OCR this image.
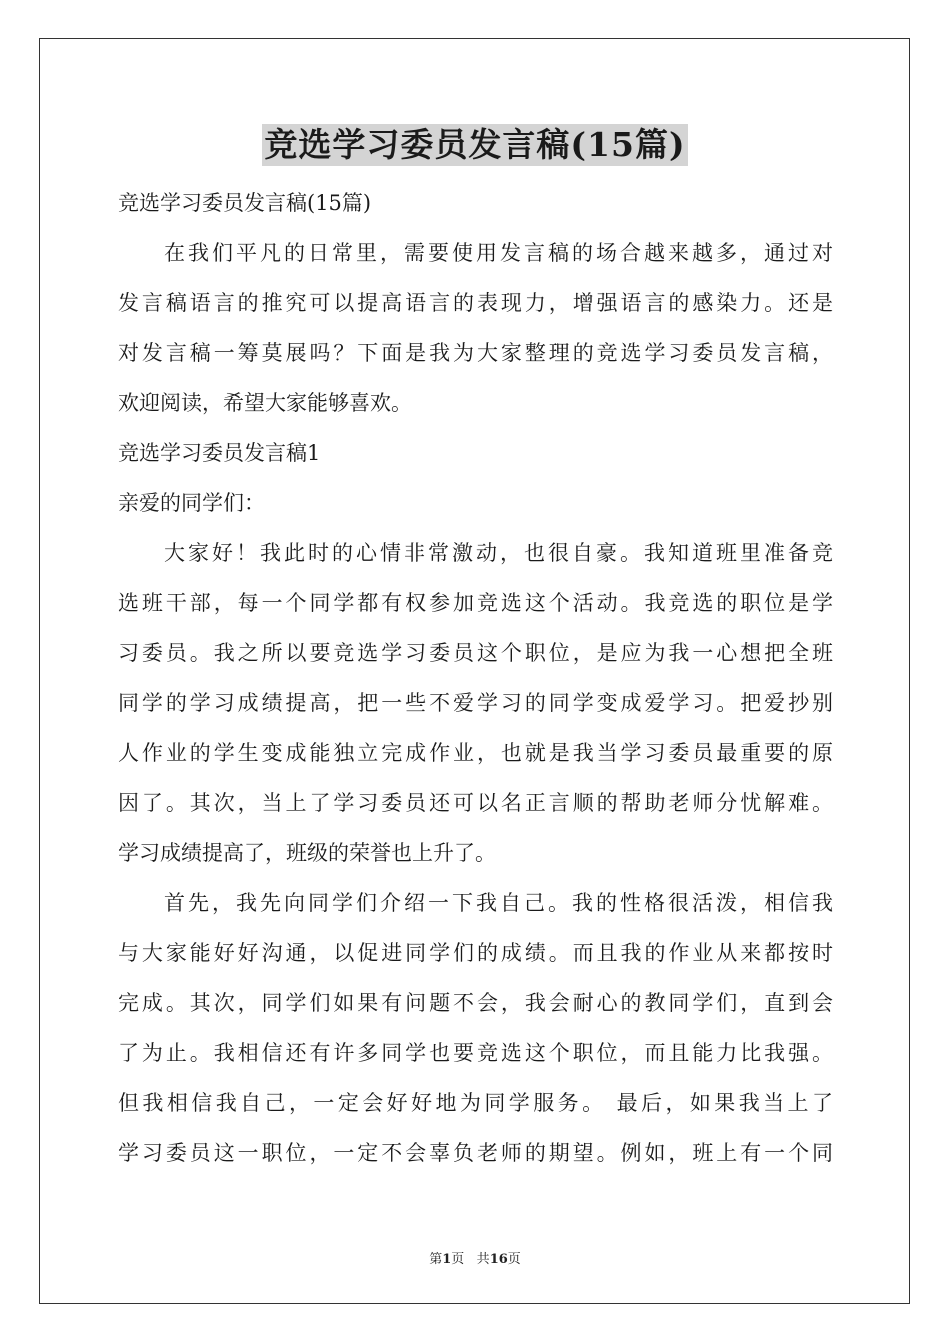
竞选学习委员发言稿(15篇)
竞选学习委员发言稿(15篇)
在我们平凡的日常里，需要使用发言稿的场合越来越多，通过对
发言稿语言的推究可以提高语言的表现力，增强语言的感染力。还是
对发言稿一筹莫展吗？下面是我为大家整理的竞选学习委员发言稿，
欢迎阅读，希望大家能够喜欢。
竞选学习委员发言稿1
亲爱的同学们：
大家好！我此时的心情非常激动，也很自豪。我知道班里准备竞
选班干部，每一个同学都有权参加竞选这个活动。我竞选的职位是学
习委员。我之所以要竞选学习委员这个职位，是应为我一心想把全班
同学的学习成绩提高，把一些不爱学习的同学变成爱学习。把爱抄别
人作业的学生变成能独立完成作业，也就是我当学习委员最重要的原
因了。其次，当上了学习委员还可以名正言顺的帮助老师分忧解难。
学习成绩提高了，班级的荣誉也上升了。
首先，我先向同学们介绍一下我自己。我的性格很活泼，相信我
与大家能好好沟通，以促进同学们的成绩。而且我的作业从来都按时
完成。其次，同学们如果有问题不会，我会耐心的教同学们，直到会
了为止。我相信还有许多同学也要竞选这个职位，而且能力比我强。
但我相信我自己，一定会好好地为同学服务。 最后，如果我当上了
学习委员这一职位，一定不会辜负老师的期望。例如，班上有一个同
第1页 共16页
